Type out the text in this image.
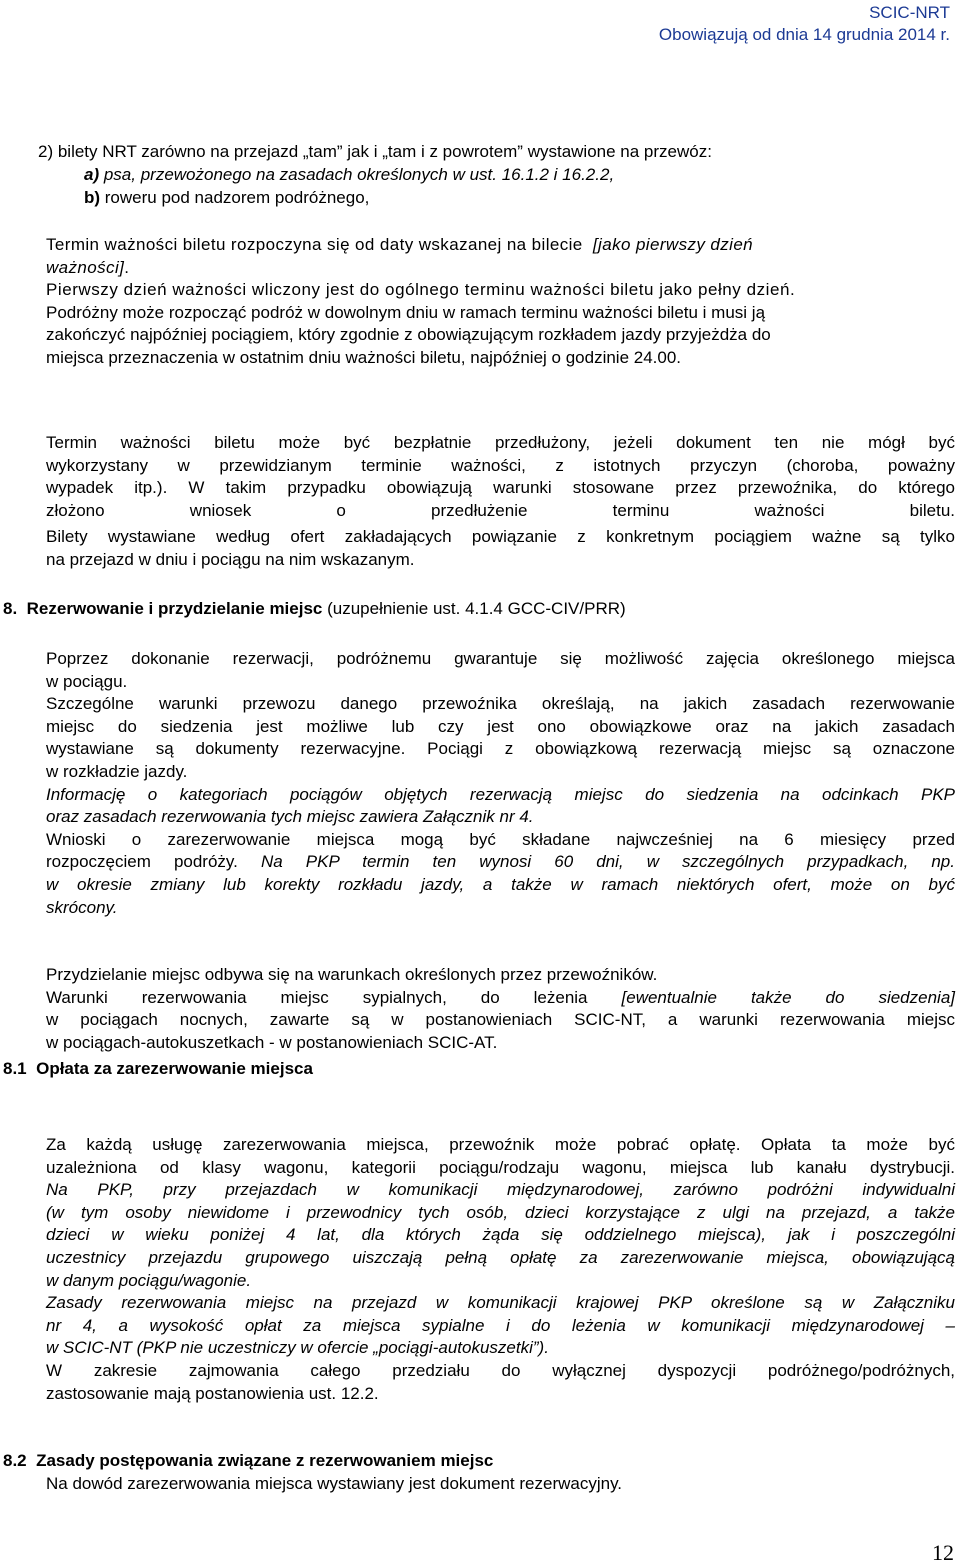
SCIC-NRT
Obowiązują od dnia 14 grudnia 2014 r.
2) bilety NRT zarówno na przejazd „tam” jak i „tam i z powrotem” wystawione na przewóz:
a) psa, przewożonego na zasadach określonych w ust. 16.1.2 i 16.2.2,
b) roweru pod nadzorem podróżnego,
Termin ważności biletu rozpoczyna się od daty wskazanej na bilecie [jako pierwszy dzień
ważności].
Pierwszy dzień ważności wliczony jest do ogólnego terminu ważności biletu jako pełny dzień.
Podróżny może rozpocząć podróż w dowolnym dniu w ramach terminu ważności biletu i musi ją
zakończyć najpóźniej pociągiem, który zgodnie z obowiązującym rozkładem jazdy przyjeżdża do
miejsca przeznaczenia w ostatnim dniu ważności biletu, najpóźniej o godzinie 24.00.
Termin ważności biletu może być bezpłatnie przedłużony, jeżeli dokument ten nie mógł być
wykorzystany w przewidzianym terminie ważności, z istotnych przyczyn (choroba, poważny
wypadek itp.). W takim przypadku obowiązują warunki stosowane przez przewoźnika, do którego
złożono wniosek o przedłużenie terminu ważności biletu.
Bilety wystawiane według ofert zakładających powiązanie z konkretnym pociągiem ważne są tylko
na przejazd w dniu i pociągu na nim wskazanym.
8. Rezerwowanie i przydzielanie miejsc (uzupełnienie ust. 4.1.4 GCC-CIV/PRR)
Poprzez dokonanie rezerwacji, podróżnemu gwarantuje się możliwość zajęcia określonego miejsca
w pociągu.
Szczególne warunki przewozu danego przewoźnika określają, na jakich zasadach rezerwowanie
miejsc do siedzenia jest możliwe lub czy jest ono obowiązkowe oraz na jakich zasadach
wystawiane są dokumenty rezerwacyjne. Pociągi z obowiązkową rezerwacją miejsc są oznaczone
w rozkładzie jazdy.
Informację o kategoriach pociągów objętych rezerwacją miejsc do siedzenia na odcinkach PKP
oraz zasadach rezerwowania tych miejsc zawiera Załącznik nr 4.
Wnioski o zarezerwowanie miejsca mogą być składane najwcześniej na 6 miesięcy przed
rozpoczęciem podróży. Na PKP termin ten wynosi 60 dni, w szczególnych przypadkach, np.
w okresie zmiany lub korekty rozkładu jazdy, a także w ramach niektórych ofert, może on być
skrócony.
Przydzielanie miejsc odbywa się na warunkach określonych przez przewoźników.
Warunki rezerwowania miejsc sypialnych, do leżenia [ewentualnie także do siedzenia]
w pociągach nocnych, zawarte są w postanowieniach SCIC-NT, a warunki rezerwowania miejsc
w pociągach-autokuszetkach - w postanowieniach SCIC-AT.
8.1 Opłata za zarezerwowanie miejsca
Za każdą usługę zarezerwowania miejsca, przewoźnik może pobrać opłatę. Opłata ta może być
uzależniona od klasy wagonu, kategorii pociągu/rodzaju wagonu, miejsca lub kanału dystrybucji.
Na PKP, przy przejazdach w komunikacji międzynarodowej, zarówno podróżni indywidualni
(w tym osoby niewidome i przewodnicy tych osób, dzieci korzystające z ulgi na przejazd, a także
dzieci w wieku poniżej 4 lat, dla których żąda się oddzielnego miejsca), jak i poszczególni
uczestnicy przejazdu grupowego uiszczają pełną opłatę za zarezerwowanie miejsca, obowiązującą
w danym pociągu/wagonie.
Zasady rezerwowania miejsc na przejazd w komunikacji krajowej PKP określone są w Załączniku
nr 4, a wysokość opłat za miejsca sypialne i do leżenia w komunikacji międzynarodowej –
w SCIC-NT (PKP nie uczestniczy w ofercie „pociągi-autokuszetki”).
W zakresie zajmowania całego przedziału do wyłącznej dyspozycji podróżnego/podróżnych,
zastosowanie mają postanowienia ust. 12.2.
8.2 Zasady postępowania związane z rezerwowaniem miejsc
Na dowód zarezerwowania miejsca wystawiany jest dokument rezerwacyjny.
12
